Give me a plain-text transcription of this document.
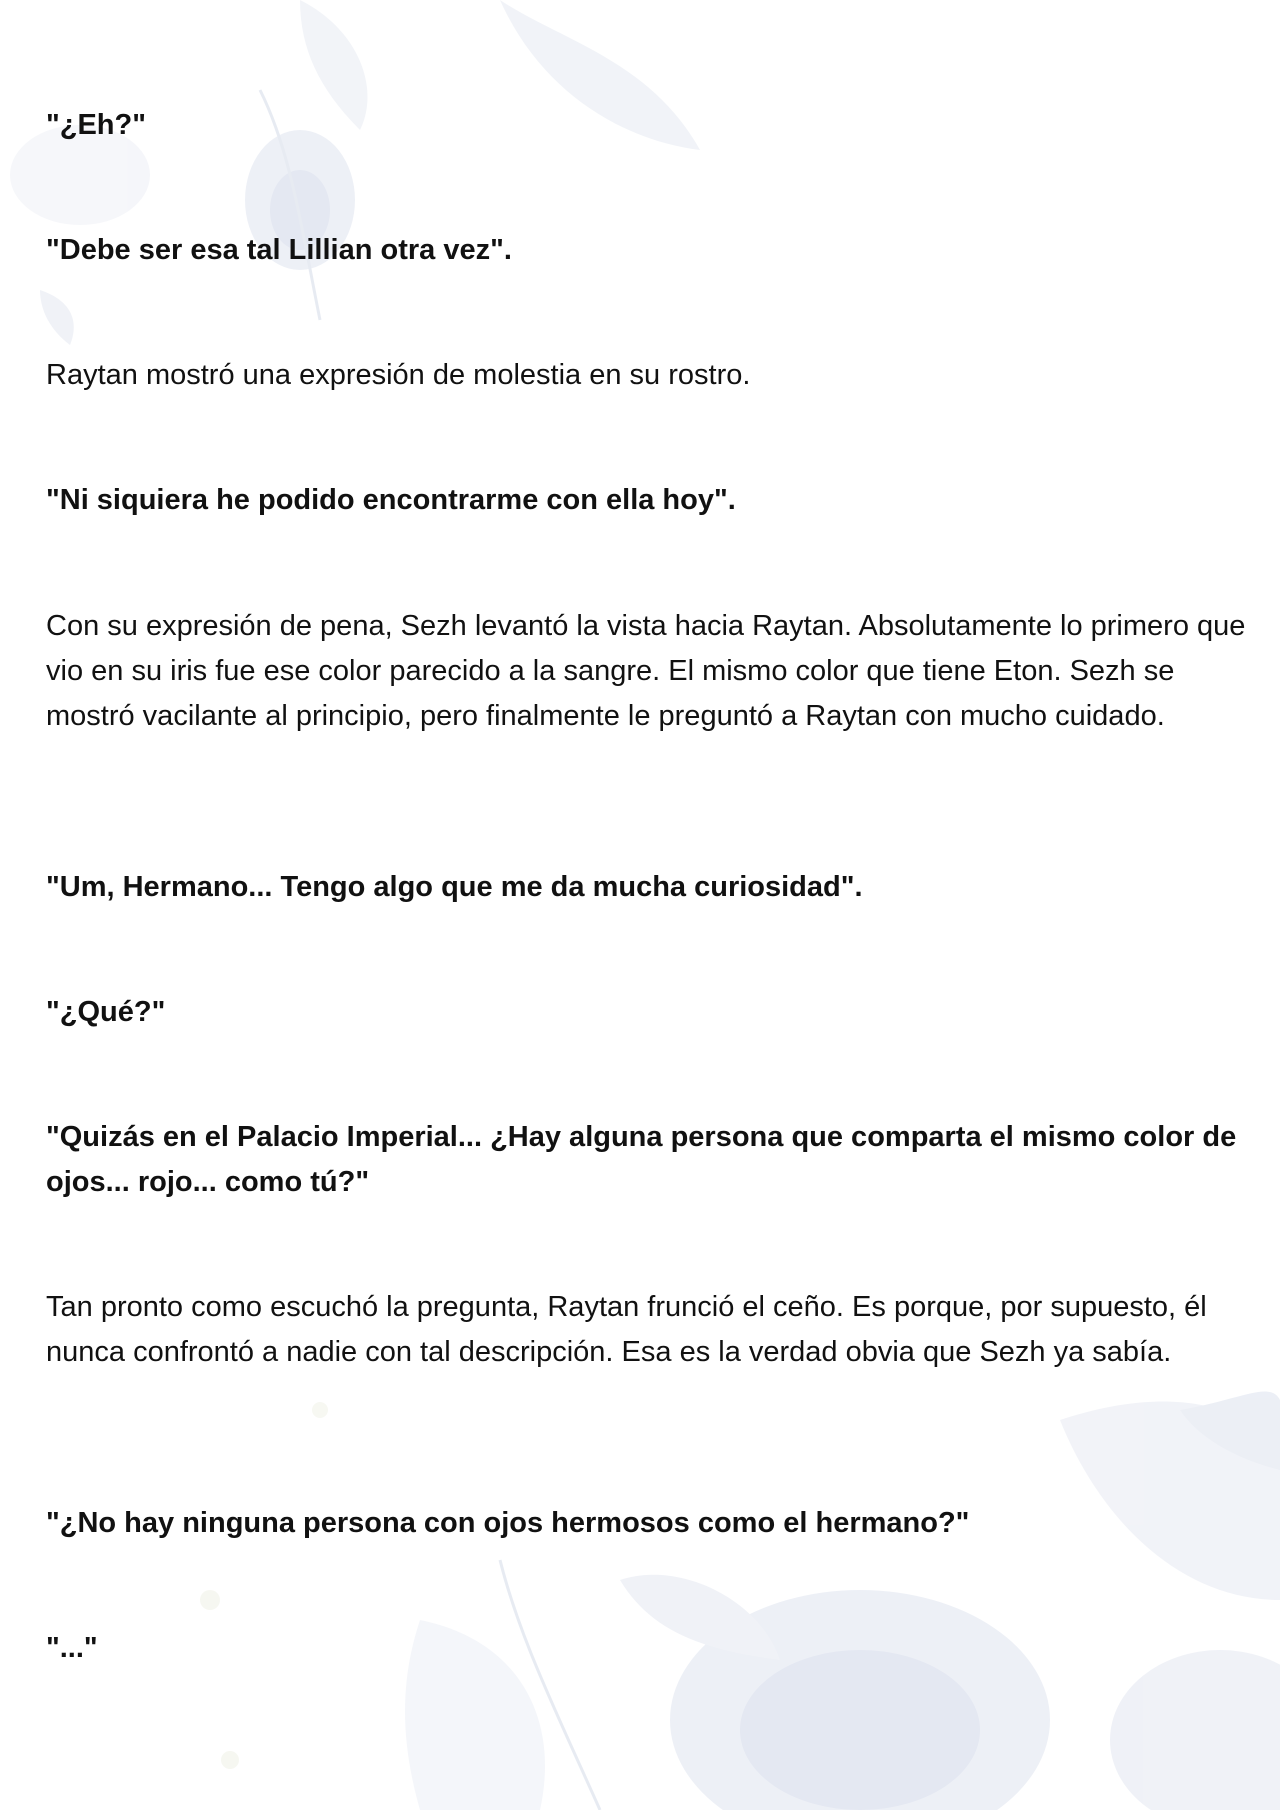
"¿Eh?"

"Debe ser esa tal Lillian otra vez".

Raytan mostró una expresión de molestia en su rostro.

"Ni siquiera he podido encontrarme con ella hoy".

Con su expresión de pena, Sezh levantó la vista hacia Raytan. Absolutamente lo primero que vio en su iris fue ese color parecido a la sangre. El mismo color que tiene Eton. Sezh se mostró vacilante al principio, pero finalmente le preguntó a Raytan con mucho cuidado.

"Um, Hermano... Tengo algo que me da mucha curiosidad".

"¿Qué?"

"Quizás en el Palacio Imperial... ¿Hay alguna persona que comparta el mismo color de ojos... rojo... como tú?"

Tan pronto como escuchó la pregunta, Raytan frunció el ceño. Es porque, por supuesto, él nunca confrontó a nadie con tal descripción. Esa es la verdad obvia que Sezh ya sabía.

"¿No hay ninguna persona con ojos hermosos como el hermano?"

"..."
